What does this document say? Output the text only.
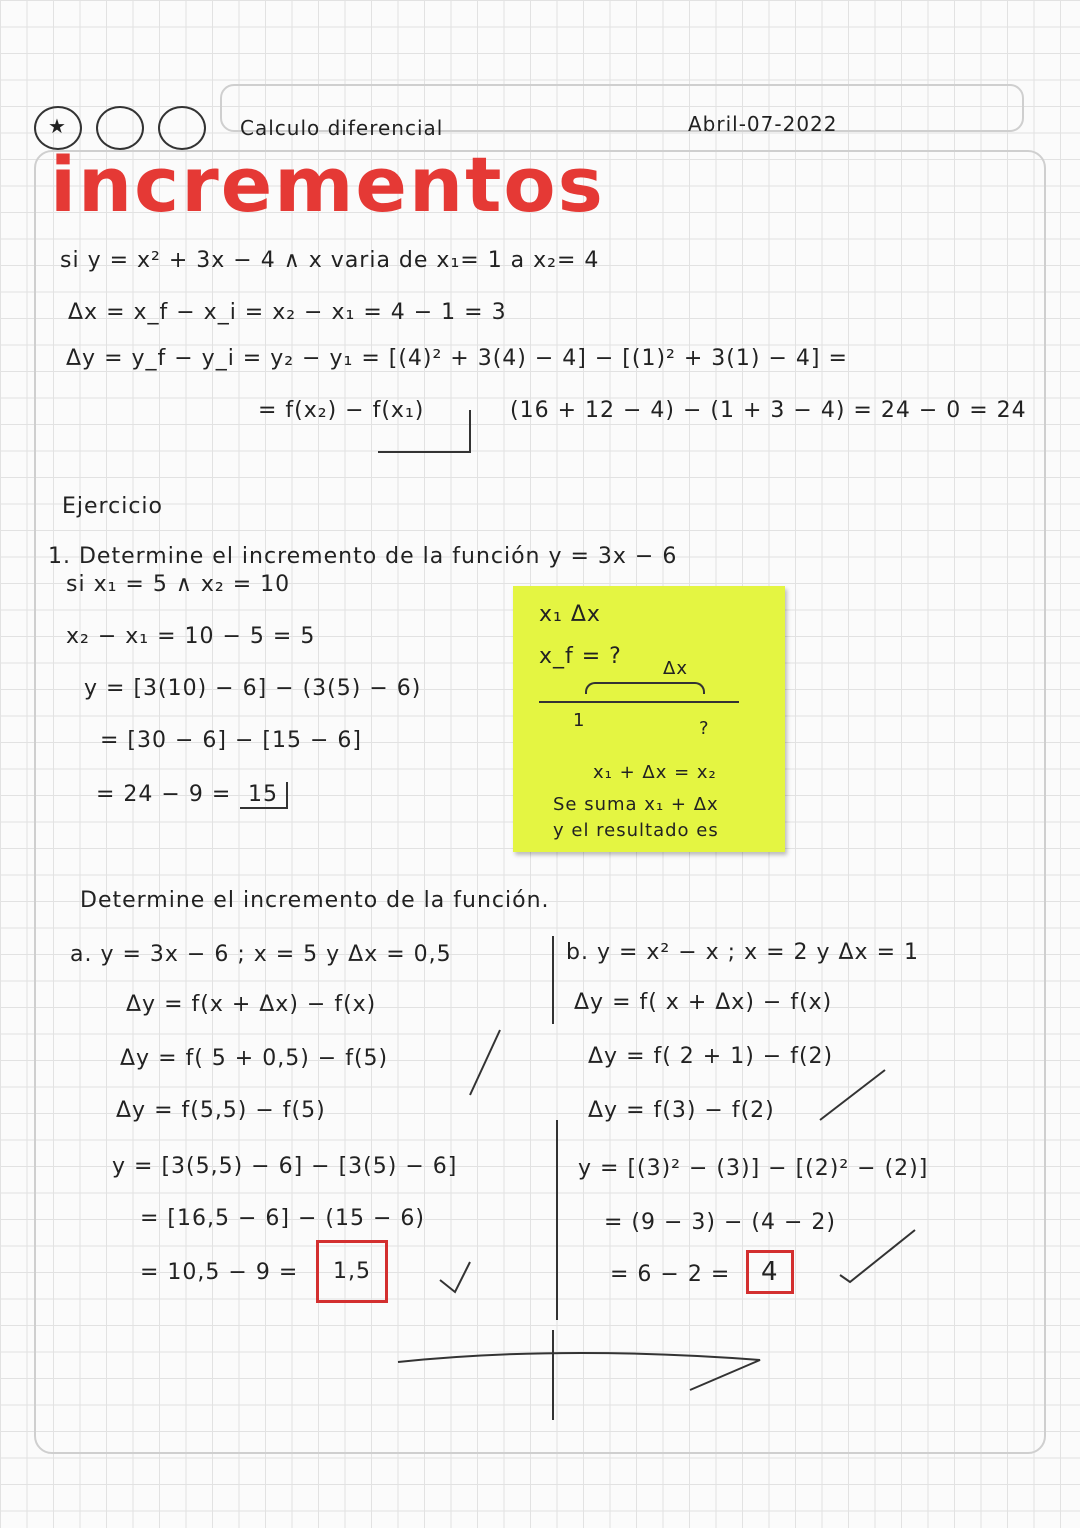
★	Calculo diferencial	Abril-07-2022
incrementos
si y = x² + 3x − 4 ∧ x varia de x₁= 1 a x₂= 4
Δx = x_f − x_i = x₂ − x₁ = 4 − 1 = 3
Δy = y_f − y_i = y₂ − y₁ = [(4)² + 3(4) − 4] − [(1)² + 3(1) − 4] =
= f(x₂) − f(x₁)	(16 + 12 − 4) − (1 + 3 − 4) = 24 − 0 = 24
Ejercicio
1. Determine el incremento de la función y = 3x − 6
si x₁ = 5 ∧ x₂ = 10
x₂ − x₁ = 10 − 5 = 5
y = [3(10) − 6] − (3(5) − 6)
= [30 − 6] − [15 − 6]
= 24 − 9 = 15
x₁ Δx
x_f = ? Δx
1	?
x₁ + Δx = x₂
Se suma x₁ + Δx
y el resultado es
Determine el incremento de la función.
a. y = 3x − 6 ; x = 5 y Δx = 0,5
Δy = f(x + Δx) − f(x)
Δy = f( 5 + 0,5) − f(5)
Δy = f(5,5) − f(5)
y = [3(5,5) − 6] − [3(5) − 6]
= [16,5 − 6] − (15 − 6)
= 10,5 − 9 =	1,5
b. y = x² − x ; x = 2 y Δx = 1
Δy = f( x + Δx) − f(x)
Δy = f( 2 + 1) − f(2)
Δy = f(3) − f(2)
y = [(3)² − (3)] − [(2)² − (2)]
= (9 − 3) − (4 − 2)
= 6 − 2 =	4
